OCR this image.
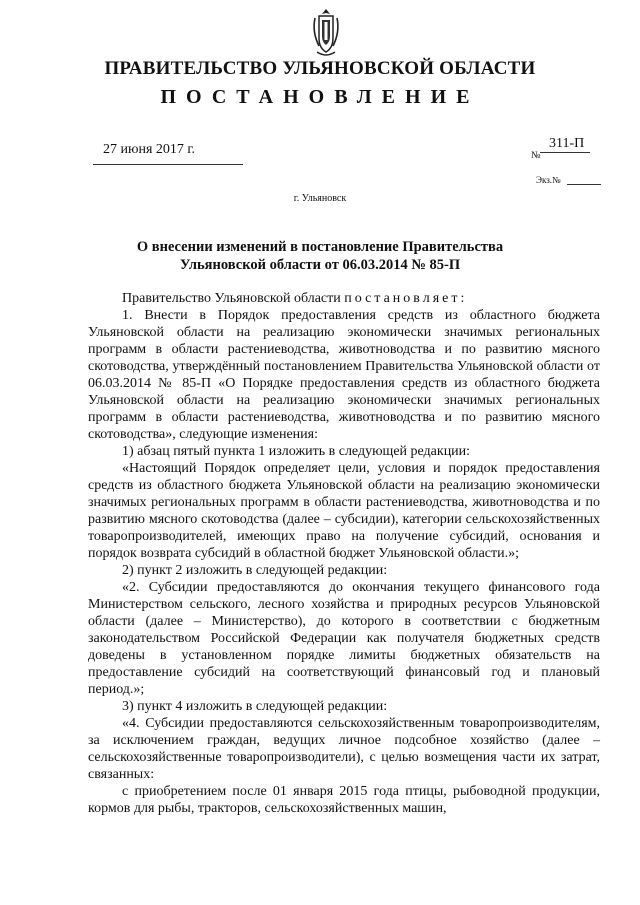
ПРАВИТЕЛЬСТВО УЛЬЯНОВСКОЙ ОБЛАСТИ
ПОСТАНОВЛЕНИЕ
27 июня 2017 г.	№
311-П
Экз.№
г. Ульяновск
О внесении изменений в постановление Правительства
Ульяновской области от 06.03.2014 № 85-П

Правительство Ульяновской области постановляет:

1. Внести в Порядок предоставления средств из областного бюджета Ульяновской области на реализацию экономически значимых региональных программ в области растениеводства, животноводства и по развитию мясного скотоводства, утверждённый постановлением Правительства Ульяновской области от 06.03.2014 № 85-П «О Порядке предоставления средств из областного бюджета Ульяновской области на реализацию экономически значимых региональных программ в области растениеводства, животноводства и по развитию мясного скотоводства», следующие изменения:

1) абзац пятый пункта 1 изложить в следующей редакции:

«Настоящий Порядок определяет цели, условия и порядок предоставления средств из областного бюджета Ульяновской области на реализацию экономически значимых региональных программ в области растениеводства, животноводства и по развитию мясного скотоводства (далее – субсидии), категории сельскохозяйственных товаропроизводителей, имеющих право на получение субсидий, основания и порядок возврата субсидий в областной бюджет Ульяновской области.»;

2) пункт 2 изложить в следующей редакции:

«2. Субсидии предоставляются до окончания текущего финансового года Министерством сельского, лесного хозяйства и природных ресурсов Ульяновской области (далее – Министерство), до которого в соответствии с бюджетным законодательством Российской Федерации как получателя бюджетных средств доведены в установленном порядке лимиты бюджетных обязательств на предоставление субсидий на соответствующий финансовый год и плановый период.»;

3) пункт 4 изложить в следующей редакции:

«4. Субсидии предоставляются сельскохозяйственным товаропроизводителям, за исключением граждан, ведущих личное подсобное хозяйство (далее – сельскохозяйственные товаропроизводители), с целью возмещения части их затрат, связанных:

с приобретением после 01 января 2015 года птицы, рыбоводной продукции, кормов для рыбы, тракторов, сельскохозяйственных машин,
